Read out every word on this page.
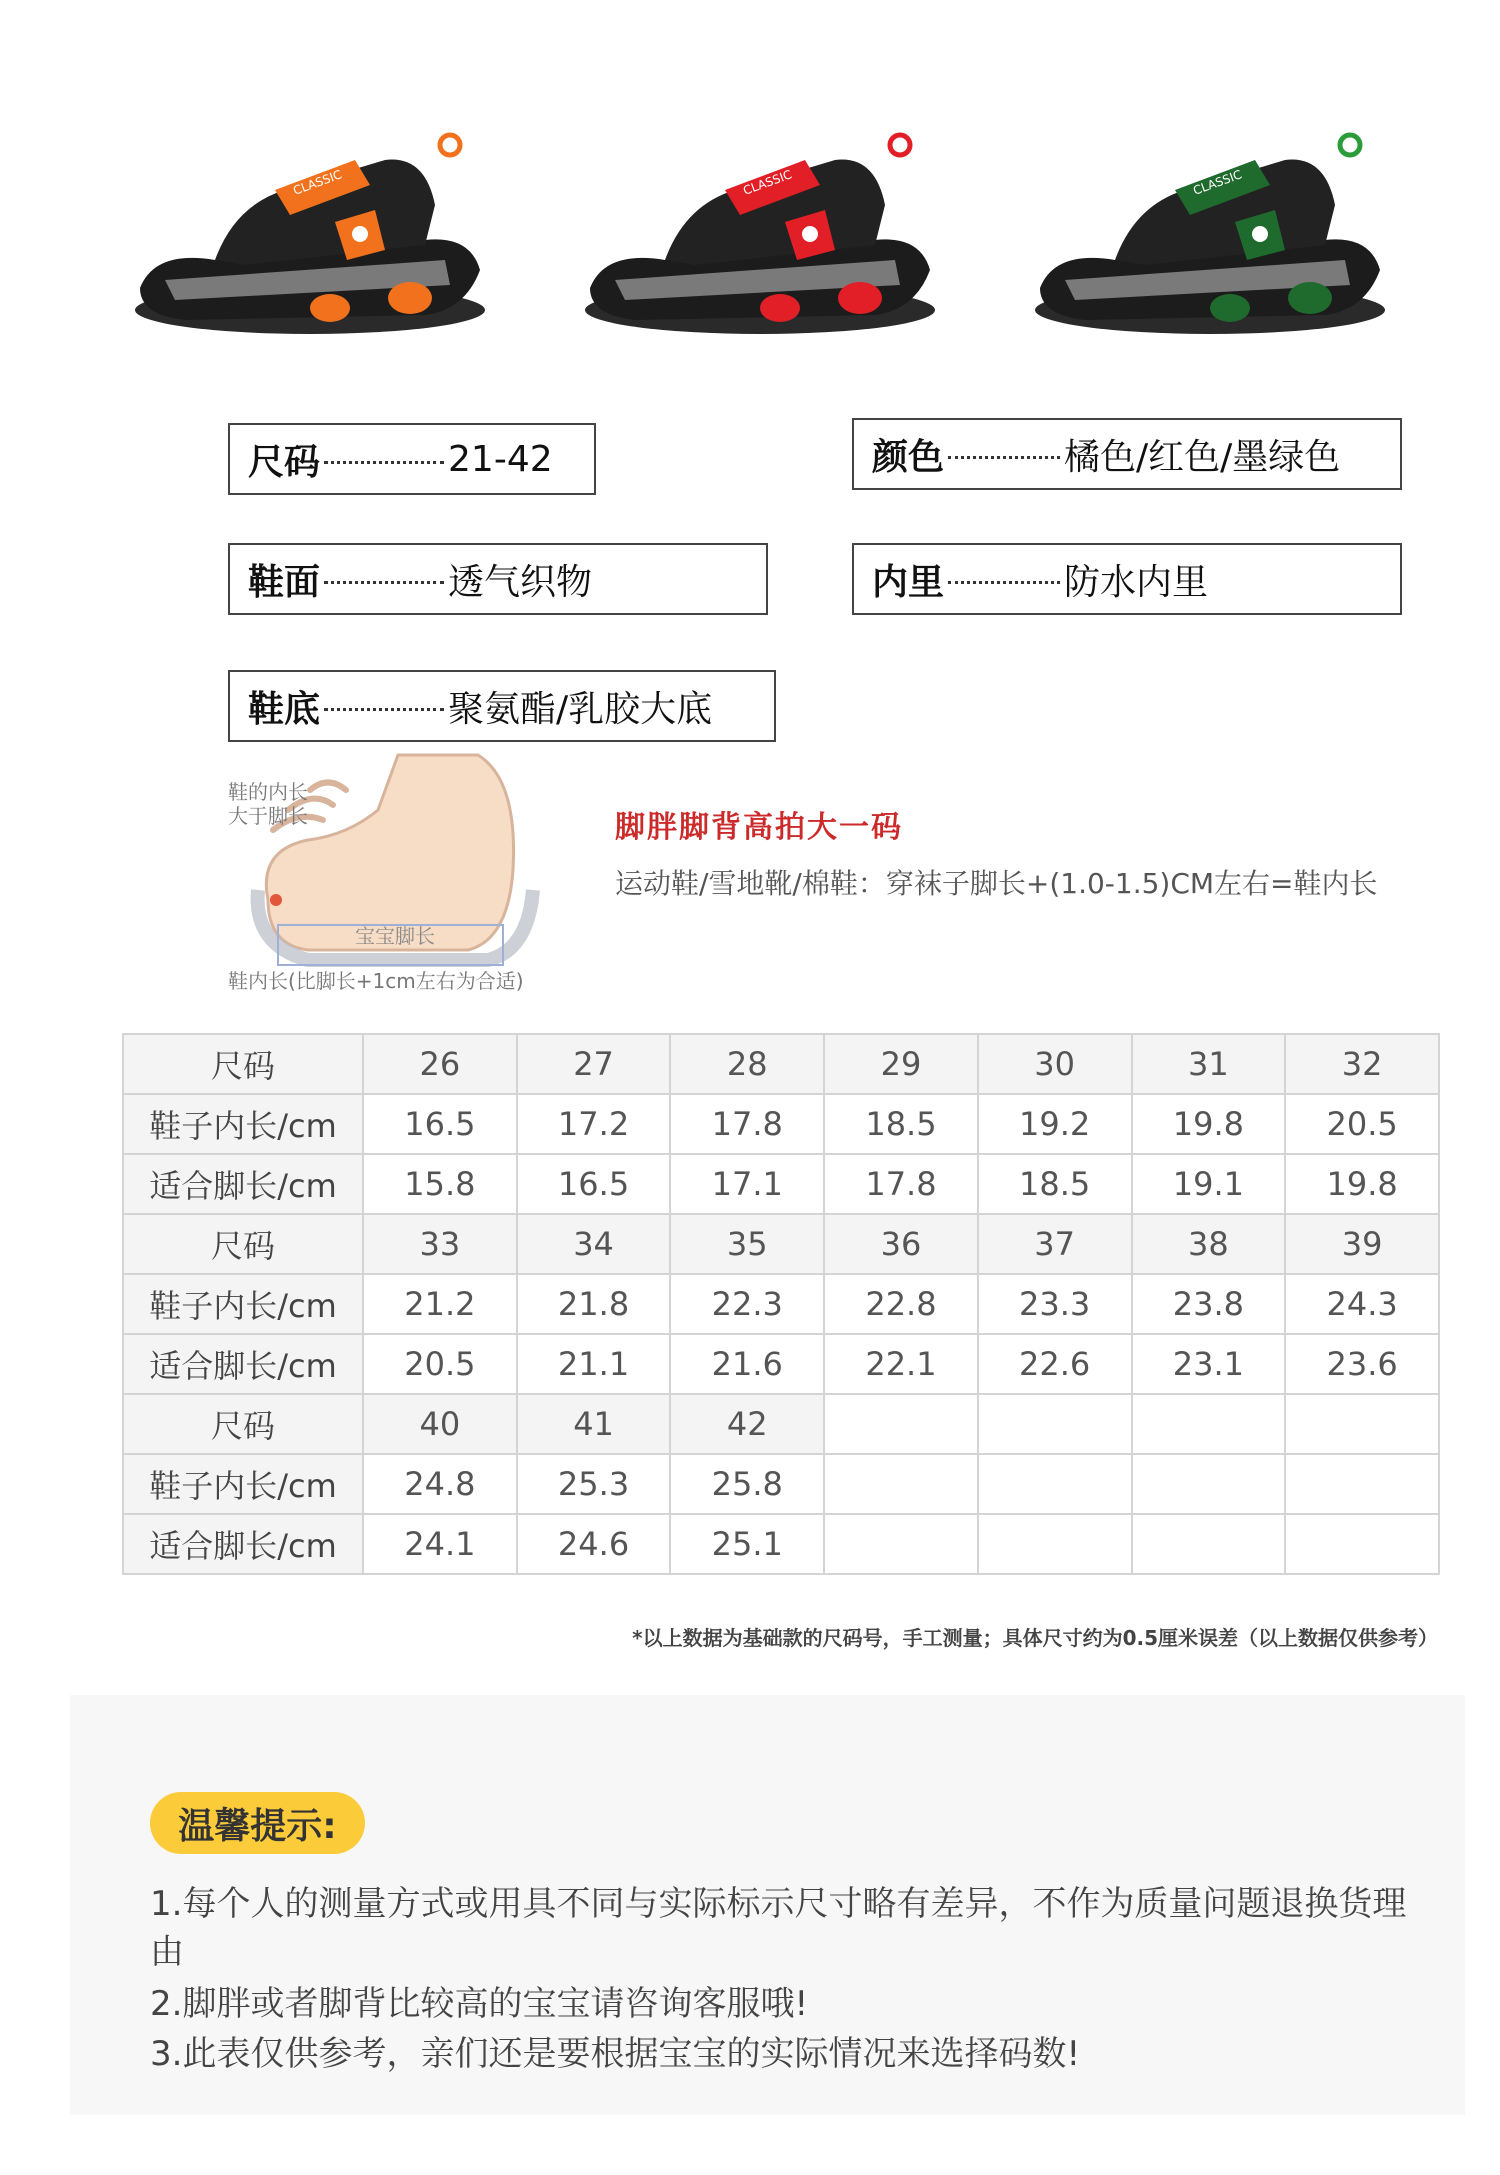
CLASSIC	CLASSIC	CLASSIC
尺码	21-42	颜色	橘色/红色/墨绿色
鞋面	透气织物	内里	防水内里
鞋底	聚氨酯/乳胶大底
鞋的内长
大于脚长
宝宝脚长
鞋内长(比脚长+1cm左右为合适)
脚胖脚背高拍大一码
运动鞋/雪地靴/棉鞋：穿袜子脚长+(1.0-1.5)CM左右=鞋内长
尺码	26	27	28	29	30	31	32
鞋子内长/cm	16.5	17.2	17.8	18.5	19.2	19.8	20.5
适合脚长/cm	15.8	16.5	17.1	17.8	18.5	19.1	19.8
尺码	33	34	35	36	37	38	39
鞋子内长/cm	21.2	21.8	22.3	22.8	23.3	23.8	24.3
适合脚长/cm	20.5	21.1	21.6	22.1	22.6	23.1	23.6
尺码	40	41	42				
鞋子内长/cm	24.8	25.3	25.8				
适合脚长/cm	24.1	24.6	25.1				
*以上数据为基础款的尺码号，手工测量；具体尺寸约为0.5厘米误差（以上数据仅供参考）
温馨提示:
1.每个人的测量方式或用具不同与实际标示尺寸略有差异，不作为质量问题退换货理由
2.脚胖或者脚背比较高的宝宝请咨询客服哦!
3.此表仅供参考，亲们还是要根据宝宝的实际情况来选择码数!
